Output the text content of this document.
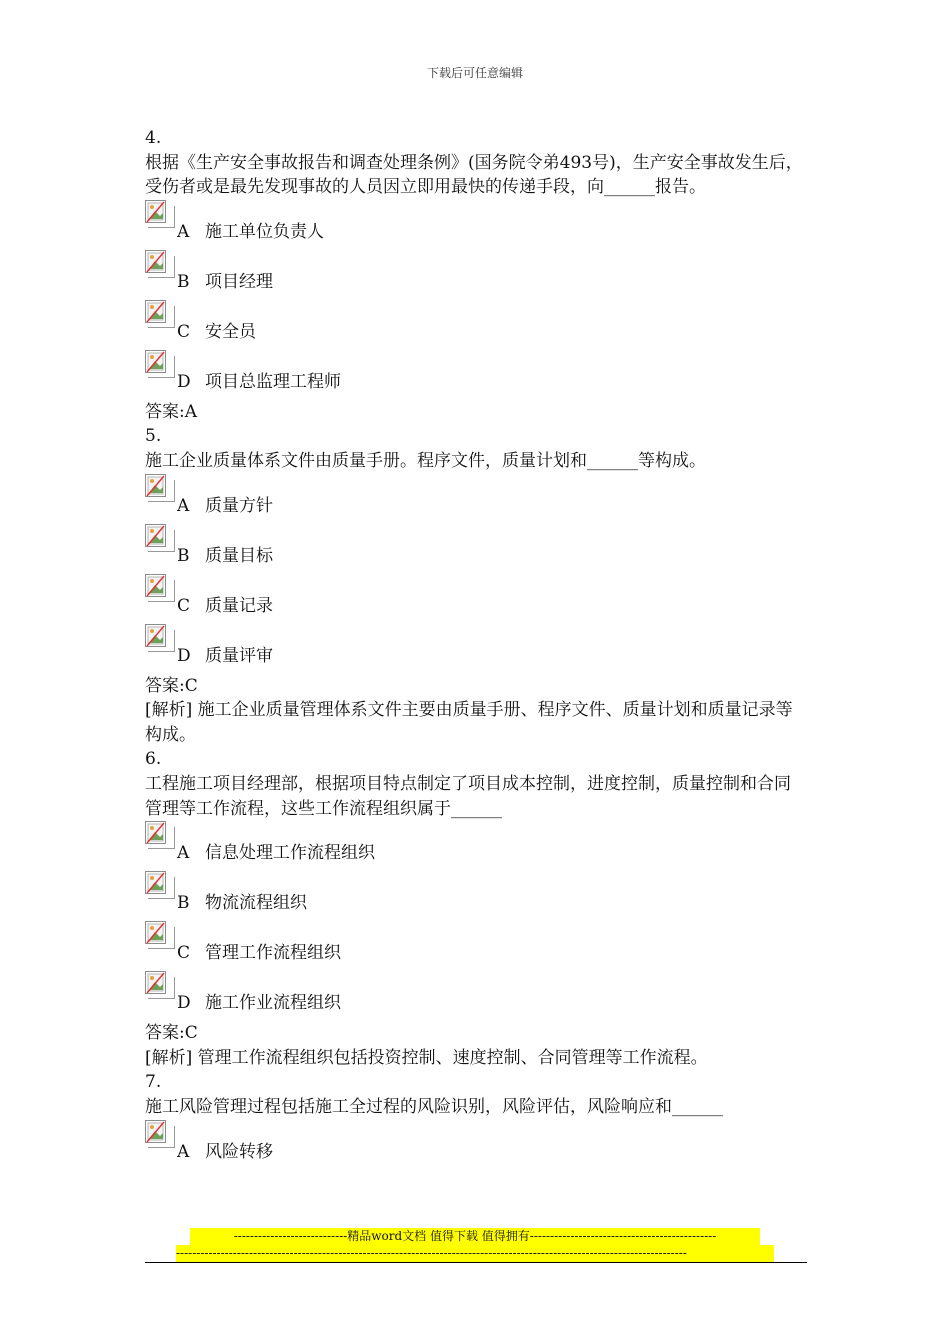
下载后可任意编辑
4.
根据《生产安全事故报告和调查处理条例》(国务院令弟493号)，生产安全事故发生后，受伤者或是最先发现事故的人员因立即用最快的传递手段，向______报告。
A 施工单位负责人
B 项目经理
C 安全员
D 项目总监理工程师
答案:A
5.
施工企业质量体系文件由质量手册。程序文件，质量计划和______等构成。
A 质量方针
B 质量目标
C 质量记录
D 质量评审
答案:C
[解析] 施工企业质量管理体系文件主要由质量手册、程序文件、质量计划和质量记录等构成。
6.
工程施工项目经理部，根据项目特点制定了项目成本控制，进度控制，质量控制和合同管理等工作流程，这些工作流程组织属于______
A 信息处理工作流程组织
B 物流流程组织
C 管理工作流程组织
D 施工作业流程组织
答案:C
[解析] 管理工作流程组织包括投资控制、速度控制、合同管理等工作流程。
7.
施工风险管理过程包括施工全过程的风险识别，风险评估，风险响应和______
A 风险转移
----------------------------精品word文档 值得下载 值得拥有----------------------------------------------
------------------------------------------------------------------------------------------------------------------------------
